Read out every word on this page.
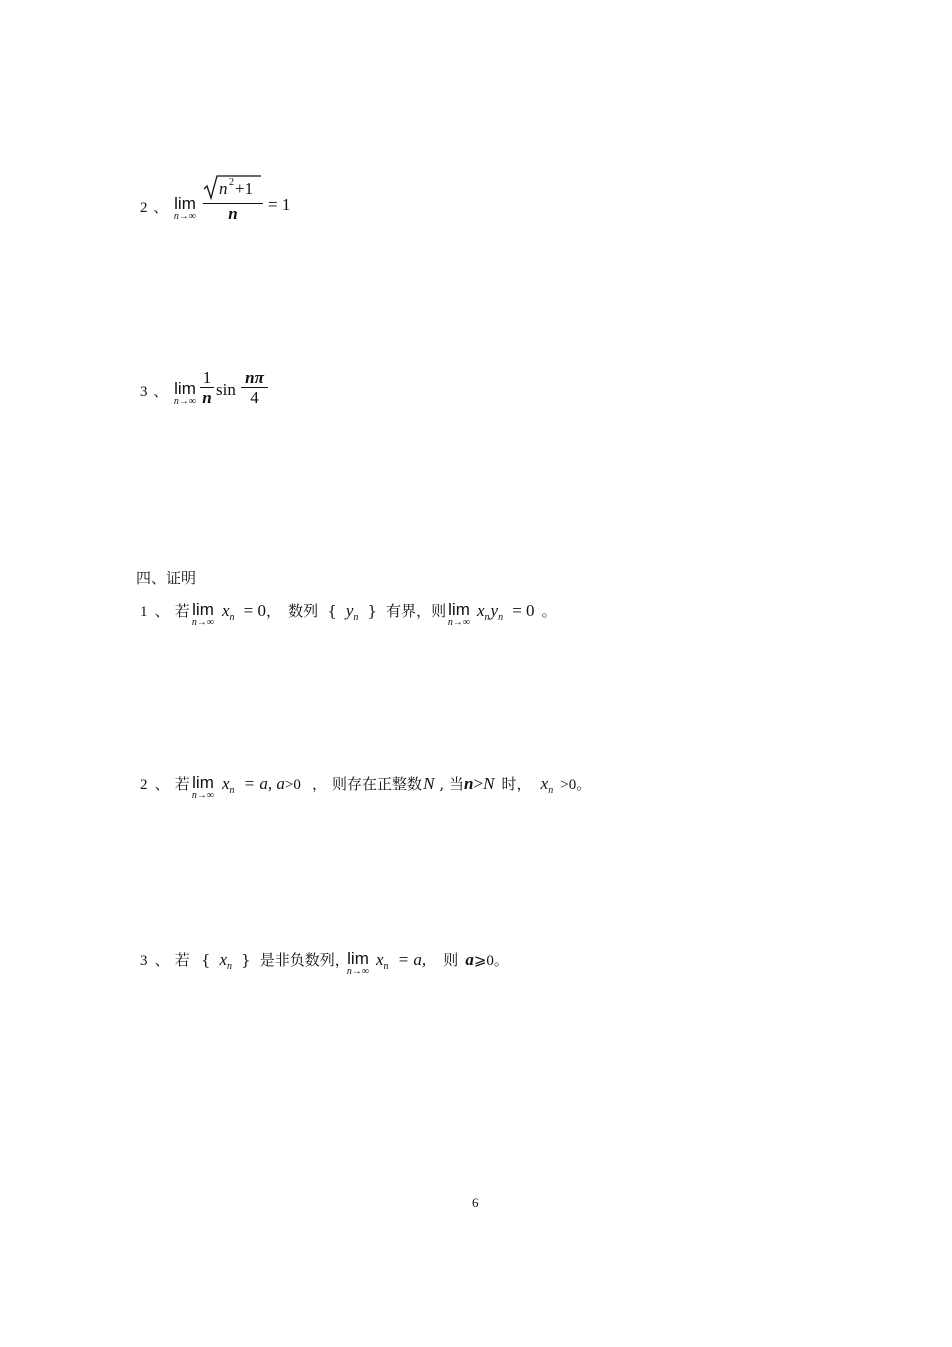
2 、 lim
n→∞
n 2 +1
n	= 1
3 、 lim
n→∞
1
n sin
nπ
4
四、证明
1 、 若 lim
n→∞
xn = 0， 数列 { yn } 有界，则 lim
n→∞
xnyn = 0 。
2 、 若 lim
n→∞
xn = a, a>0 ， 则存在正整数N , 当n>N 时， xn >0。
3 、 若 { xn } 是非负数列，
lim
n→∞
xn = a, 则 a⩾0。
6
